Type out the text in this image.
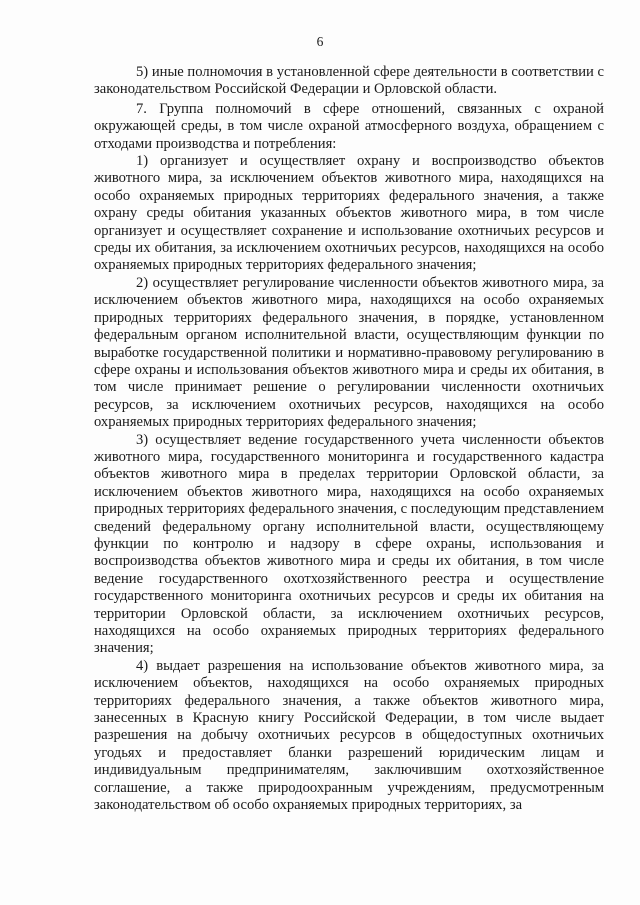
6

5) иные полномочия в установленной сфере деятельности в соответствии с законодательством Российской Федерации и Орловской области.

7. Группа полномочий в сфере отношений, связанных с охраной окружающей среды, в том числе охраной атмосферного воздуха, обращением с отходами производства и потребления:

1) организует и осуществляет охрану и воспроизводство объектов животного мира, за исключением объектов животного мира, находящихся на особо охраняемых природных территориях федерального значения, а также охрану среды обитания указанных объектов животного мира, в том числе организует и осуществляет сохранение и использование охотничьих ресурсов и среды их обитания, за исключением охотничьих ресурсов, находящихся на особо охраняемых природных территориях федерального значения;

2) осуществляет регулирование численности объектов животного мира, за исключением объектов животного мира, находящихся на особо охраняемых природных территориях федерального значения, в порядке, установленном федеральным органом исполнительной власти, осуществляющим функции по выработке государственной политики и нормативно-правовому регулированию в сфере охраны и использования объектов животного мира и среды их обитания, в том числе принимает решение о регулировании численности охотничьих ресурсов, за исключением охотничьих ресурсов, находящихся на особо охраняемых природных территориях федерального значения;

3) осуществляет ведение государственного учета численности объектов животного мира, государственного мониторинга и государственного кадастра объектов животного мира в пределах территории Орловской области, за исключением объектов животного мира, находящихся на особо охраняемых природных территориях федерального значения, с последующим представлением сведений федеральному органу исполнительной власти, осуществляющему функции по контролю и надзору в сфере охраны, использования и воспроизводства объектов животного мира и среды их обитания, в том числе ведение государственного охотхозяйственного реестра и осуществление государственного мониторинга охотничьих ресурсов и среды их обитания на территории Орловской области, за исключением охотничьих ресурсов, находящихся на особо охраняемых природных территориях федерального значения;

4) выдает разрешения на использование объектов животного мира, за исключением объектов, находящихся на особо охраняемых природных территориях федерального значения, а также объектов животного мира, занесенных в Красную книгу Российской Федерации, в том числе выдает разрешения на добычу охотничьих ресурсов в общедоступных охотничьих угодьях и предоставляет бланки разрешений юридическим лицам и индивидуальным предпринимателям, заключившим охотхозяйственное соглашение, а также природоохранным учреждениям, предусмотренным законодательством об особо охраняемых природных территориях, за
